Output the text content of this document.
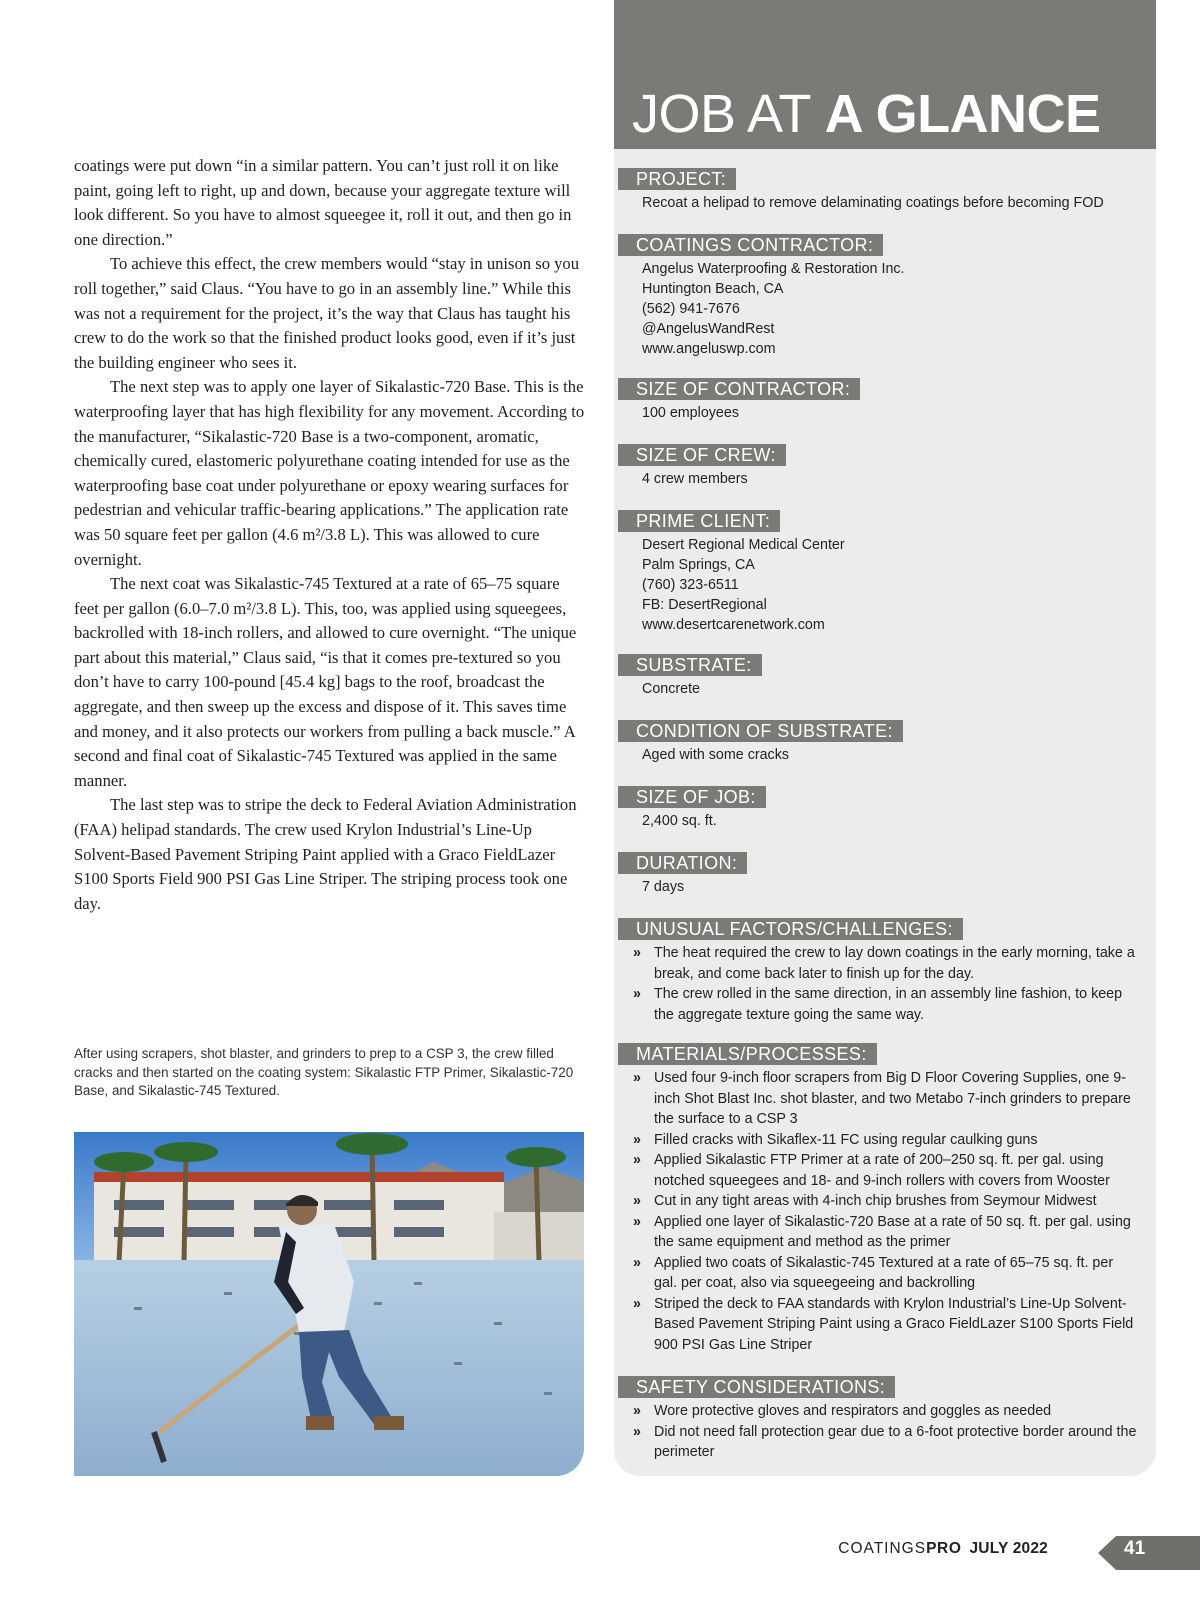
coatings were put down “in a similar pattern. You can’t just roll it on like paint, going left to right, up and down, because your aggregate texture will look different. So you have to almost squeegee it, roll it out, and then go in one direction.”

To achieve this effect, the crew members would “stay in unison so you roll together,” said Claus. “You have to go in an assembly line.” While this was not a requirement for the project, it’s the way that Claus has taught his crew to do the work so that the finished product looks good, even if it’s just the building engineer who sees it.

The next step was to apply one layer of Sikalastic-720 Base. This is the waterproofing layer that has high flexibility for any movement. According to the manufacturer, “Sikalastic-720 Base is a two-component, aromatic, chemically cured, elastomeric polyurethane coating intended for use as the waterproofing base coat under polyurethane or epoxy wearing surfaces for pedestrian and vehicular traffic-bearing applications.” The application rate was 50 square feet per gallon (4.6 m²/3.8 L). This was allowed to cure overnight.

The next coat was Sikalastic-745 Textured at a rate of 65–75 square feet per gallon (6.0–7.0 m²/3.8 L). This, too, was applied using squeegees, backrolled with 18-inch rollers, and allowed to cure overnight. “The unique part about this material,” Claus said, “is that it comes pre-textured so you don’t have to carry 100-pound [45.4 kg] bags to the roof, broadcast the aggregate, and then sweep up the excess and dispose of it. This saves time and money, and it also protects our workers from pulling a back muscle.” A second and final coat of Sikalastic-745 Textured was applied in the same manner.

The last step was to stripe the deck to Federal Aviation Administration (FAA) helipad standards. The crew used Krylon Industrial’s Line-Up Solvent-Based Pavement Striping Paint applied with a Graco FieldLazer S100 Sports Field 900 PSI Gas Line Striper. The striping process took one day.

After using scrapers, shot blaster, and grinders to prep to a CSP 3, the crew filled cracks and then started on the coating system: Sikalastic FTP Primer, Sikalastic-720 Base, and Sikalastic-745 Textured.
JOB AT A GLANCE
PROJECT:
Recoat a helipad to remove delaminating coatings before becoming FOD
COATINGS CONTRACTOR:
Angelus Waterproofing & Restoration Inc.
Huntington Beach, CA
(562) 941-7676
@AngelusWandRest
www.angeluswp.com
SIZE OF CONTRACTOR:
100 employees
SIZE OF CREW:
4 crew members
PRIME CLIENT:
Desert Regional Medical Center
Palm Springs, CA
(760) 323-6511
FB: DesertRegional
www.desertcarenetwork.com
SUBSTRATE:
Concrete
CONDITION OF SUBSTRATE:
Aged with some cracks
SIZE OF JOB:
2,400 sq. ft.
DURATION:
7 days
UNUSUAL FACTORS/CHALLENGES:
» The heat required the crew to lay down coatings in the early morning, take a break, and come back later to finish up for the day.
» The crew rolled in the same direction, in an assembly line fashion, to keep the aggregate texture going the same way.
MATERIALS/PROCESSES:
» Used four 9-inch floor scrapers from Big D Floor Covering Supplies, one 9-inch Shot Blast Inc. shot blaster, and two Metabo 7-inch grinders to prepare the surface to a CSP 3
» Filled cracks with Sikaflex-11 FC using regular caulking guns
» Applied Sikalastic FTP Primer at a rate of 200–250 sq. ft. per gal. using notched squeegees and 18- and 9-inch rollers with covers from Wooster
» Cut in any tight areas with 4-inch chip brushes from Seymour Midwest
» Applied one layer of Sikalastic-720 Base at a rate of 50 sq. ft. per gal. using the same equipment and method as the primer
» Applied two coats of Sikalastic-745 Textured at a rate of 65–75 sq. ft. per gal. per coat, also via squeegeeing and backrolling
» Striped the deck to FAA standards with Krylon Industrial’s Line-Up Solvent-Based Pavement Striping Paint using a Graco FieldLazer S100 Sports Field 900 PSI Gas Line Striper
SAFETY CONSIDERATIONS:
» Wore protective gloves and respirators and goggles as needed
» Did not need fall protection gear due to a 6-foot protective border around the perimeter
COATINGSPRO JULY 2022	41
